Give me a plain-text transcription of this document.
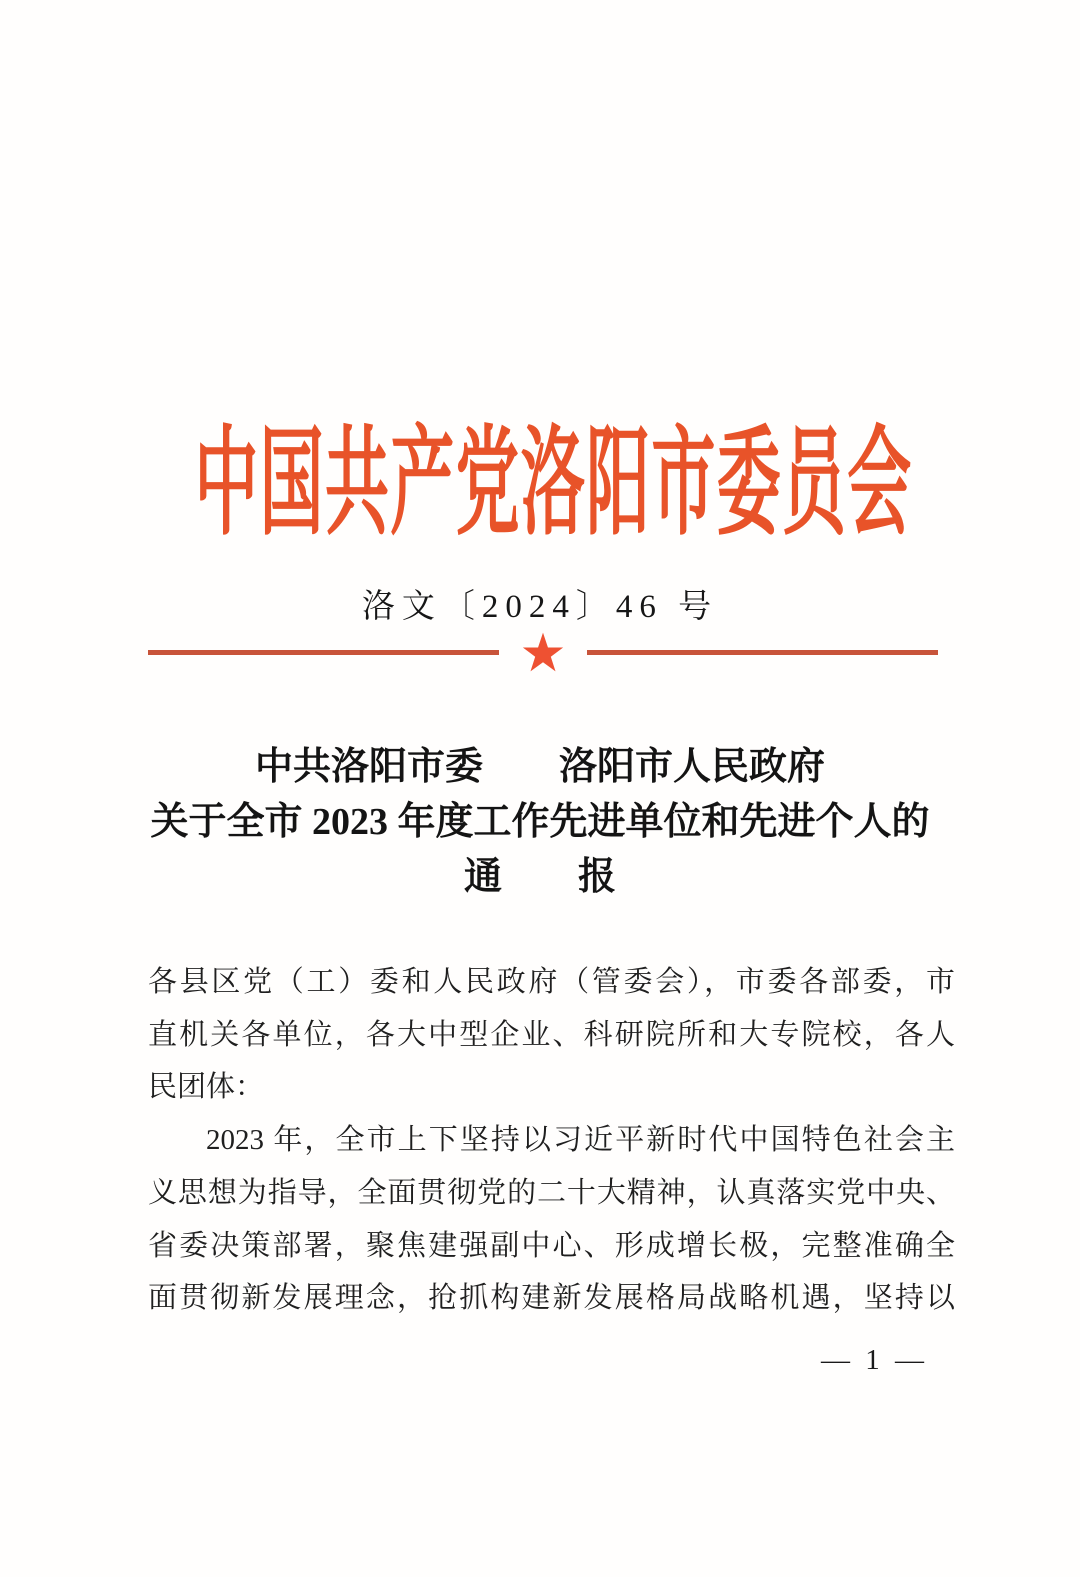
中国共产党洛阳市委员会
洛文〔2024〕46 号
中共洛阳市委　　洛阳市人民政府
关于全市 2023 年度工作先进单位和先进个人的
通　　报
各县区党（工）委和人民政府（管委会），市委各部委，市
直机关各单位，各大中型企业、科研院所和大专院校，各人
民团体：
2023 年，全市上下坚持以习近平新时代中国特色社会主
义思想为指导，全面贯彻党的二十大精神，认真落实党中央、
省委决策部署，聚焦建强副中心、形成增长极，完整准确全
面贯彻新发展理念，抢抓构建新发展格局战略机遇，坚持以
— 1 —
